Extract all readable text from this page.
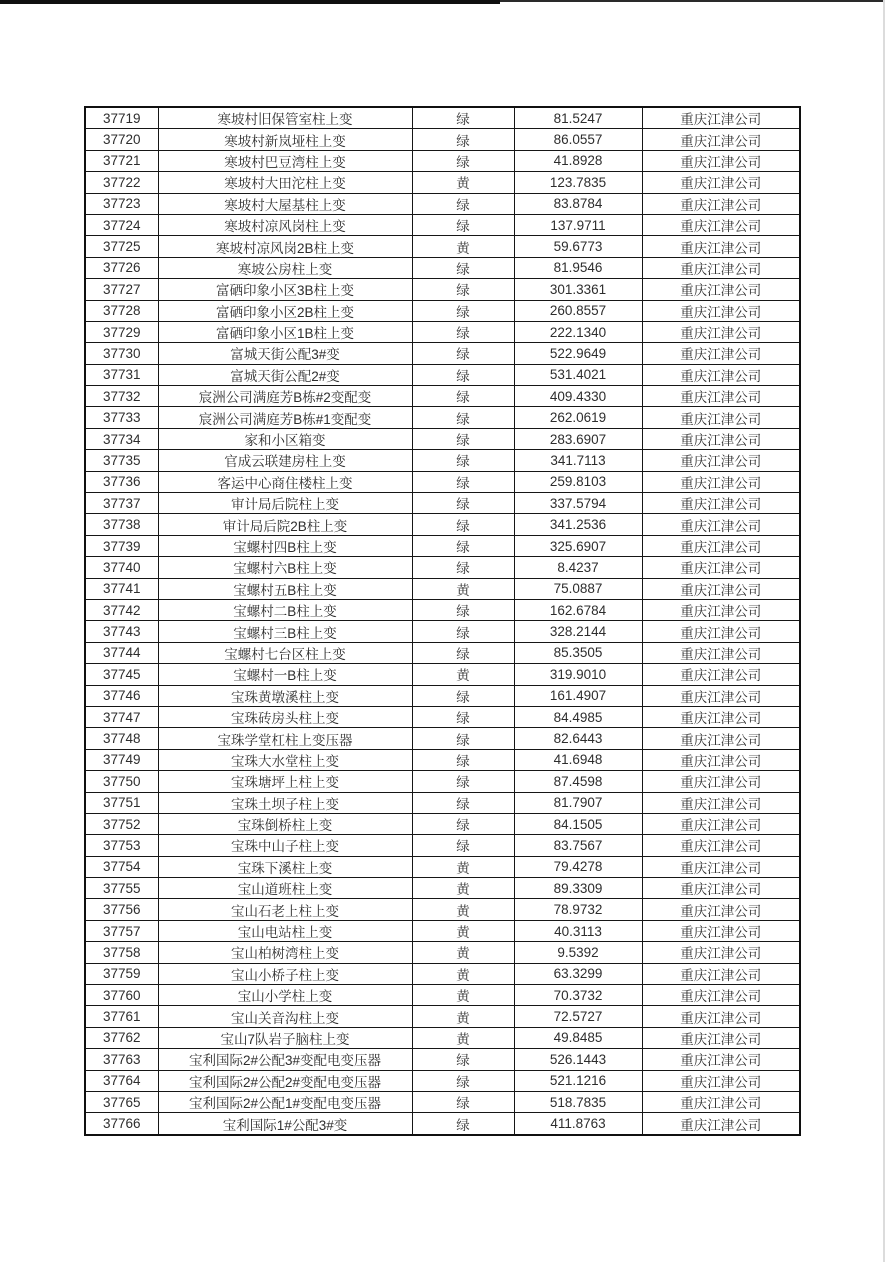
37719	寒坡村旧保管室柱上变	绿	81.5247	重庆江津公司
37720	寒坡村新岚垭柱上变	绿	86.0557	重庆江津公司
37721	寒坡村巴豆湾柱上变	绿	41.8928	重庆江津公司
37722	寒坡村大田沱柱上变	黄	123.7835	重庆江津公司
37723	寒坡村大屋基柱上变	绿	83.8784	重庆江津公司
37724	寒坡村凉风岗柱上变	绿	137.9711	重庆江津公司
37725	寒坡村凉风岗2B柱上变	黄	59.6773	重庆江津公司
37726	寒坡公房柱上变	绿	81.9546	重庆江津公司
37727	富硒印象小区3B柱上变	绿	301.3361	重庆江津公司
37728	富硒印象小区2B柱上变	绿	260.8557	重庆江津公司
37729	富硒印象小区1B柱上变	绿	222.1340	重庆江津公司
37730	富城天街公配3#变	绿	522.9649	重庆江津公司
37731	富城天街公配2#变	绿	531.4021	重庆江津公司
37732	宸洲公司满庭芳B栋#2变配变	绿	409.4330	重庆江津公司
37733	宸洲公司满庭芳B栋#1变配变	绿	262.0619	重庆江津公司
37734	家和小区箱变	绿	283.6907	重庆江津公司
37735	官成云联建房柱上变	绿	341.7113	重庆江津公司
37736	客运中心商住楼柱上变	绿	259.8103	重庆江津公司
37737	审计局后院柱上变	绿	337.5794	重庆江津公司
37738	审计局后院2B柱上变	绿	341.2536	重庆江津公司
37739	宝螺村四B柱上变	绿	325.6907	重庆江津公司
37740	宝螺村六B柱上变	绿	8.4237	重庆江津公司
37741	宝螺村五B柱上变	黄	75.0887	重庆江津公司
37742	宝螺村二B柱上变	绿	162.6784	重庆江津公司
37743	宝螺村三B柱上变	绿	328.2144	重庆江津公司
37744	宝螺村七台区柱上变	绿	85.3505	重庆江津公司
37745	宝螺村一B柱上变	黄	319.9010	重庆江津公司
37746	宝珠黄墩溪柱上变	绿	161.4907	重庆江津公司
37747	宝珠砖房头柱上变	绿	84.4985	重庆江津公司
37748	宝珠学堂杠柱上变压器	绿	82.6443	重庆江津公司
37749	宝珠大水堂柱上变	绿	41.6948	重庆江津公司
37750	宝珠塘坪上柱上变	绿	87.4598	重庆江津公司
37751	宝珠土坝子柱上变	绿	81.7907	重庆江津公司
37752	宝珠倒桥柱上变	绿	84.1505	重庆江津公司
37753	宝珠中山子柱上变	绿	83.7567	重庆江津公司
37754	宝珠下溪柱上变	黄	79.4278	重庆江津公司
37755	宝山道班柱上变	黄	89.3309	重庆江津公司
37756	宝山石老上柱上变	黄	78.9732	重庆江津公司
37757	宝山电站柱上变	黄	40.3113	重庆江津公司
37758	宝山柏树湾柱上变	黄	9.5392	重庆江津公司
37759	宝山小桥子柱上变	黄	63.3299	重庆江津公司
37760	宝山小学柱上变	黄	70.3732	重庆江津公司
37761	宝山关音沟柱上变	黄	72.5727	重庆江津公司
37762	宝山7队岩子脑柱上变	黄	49.8485	重庆江津公司
37763	宝利国际2#公配3#变配电变压器	绿	526.1443	重庆江津公司
37764	宝利国际2#公配2#变配电变压器	绿	521.1216	重庆江津公司
37765	宝利国际2#公配1#变配电变压器	绿	518.7835	重庆江津公司
37766	宝利国际1#公配3#变	绿	411.8763	重庆江津公司
